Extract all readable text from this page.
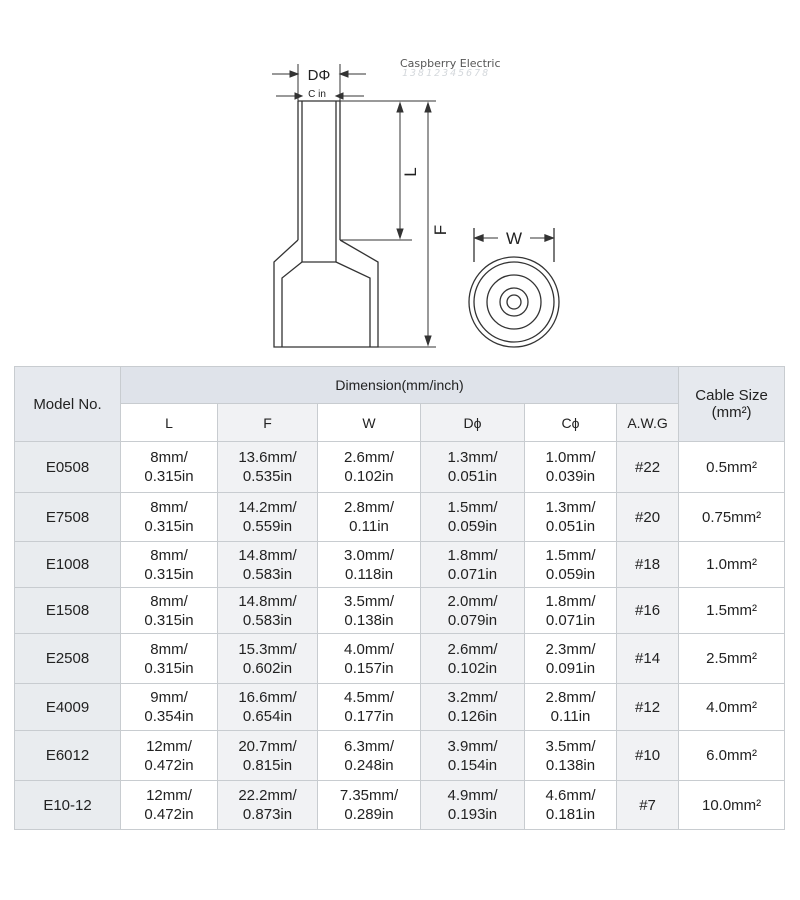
DΦ
C in
L
F	W
Caspberry Electric
13812345678
Model No.	Dimension(mm/inch)						Cable Size
(mm²)

	L	F	W	Dϕ	Cϕ	A.W.G	
E0508	8mm/
0.315in	13.6mm/
0.535in	2.6mm/
0.102in	1.3mm/
0.051in	1.0mm/
0.039in	#22	0.5mm²
E7508	8mm/
0.315in	14.2mm/
0.559in	2.8mm/
0.11in	1.5mm/
0.059in	1.3mm/
0.051in	#20	0.75mm²
E1008	8mm/
0.315in	14.8mm/
0.583in	3.0mm/
0.118in	1.8mm/
0.071in	1.5mm/
0.059in	#18	1.0mm²
E1508	8mm/
0.315in	14.8mm/
0.583in	3.5mm/
0.138in	2.0mm/
0.079in	1.8mm/
0.071in	#16	1.5mm²
E2508	8mm/
0.315in	15.3mm/
0.602in	4.0mm/
0.157in	2.6mm/
0.102in	2.3mm/
0.091in	#14	2.5mm²
E4009	9mm/
0.354in	16.6mm/
0.654in	4.5mm/
0.177in	3.2mm/
0.126in	2.8mm/
0.11in	#12	4.0mm²
E6012	12mm/
0.472in	20.7mm/
0.815in	6.3mm/
0.248in	3.9mm/
0.154in	3.5mm/
0.138in	#10	6.0mm²
E10-12	12mm/
0.472in	22.2mm/
0.873in	7.35mm/
0.289in	4.9mm/
0.193in	4.6mm/
0.181in	#7	10.0mm²
